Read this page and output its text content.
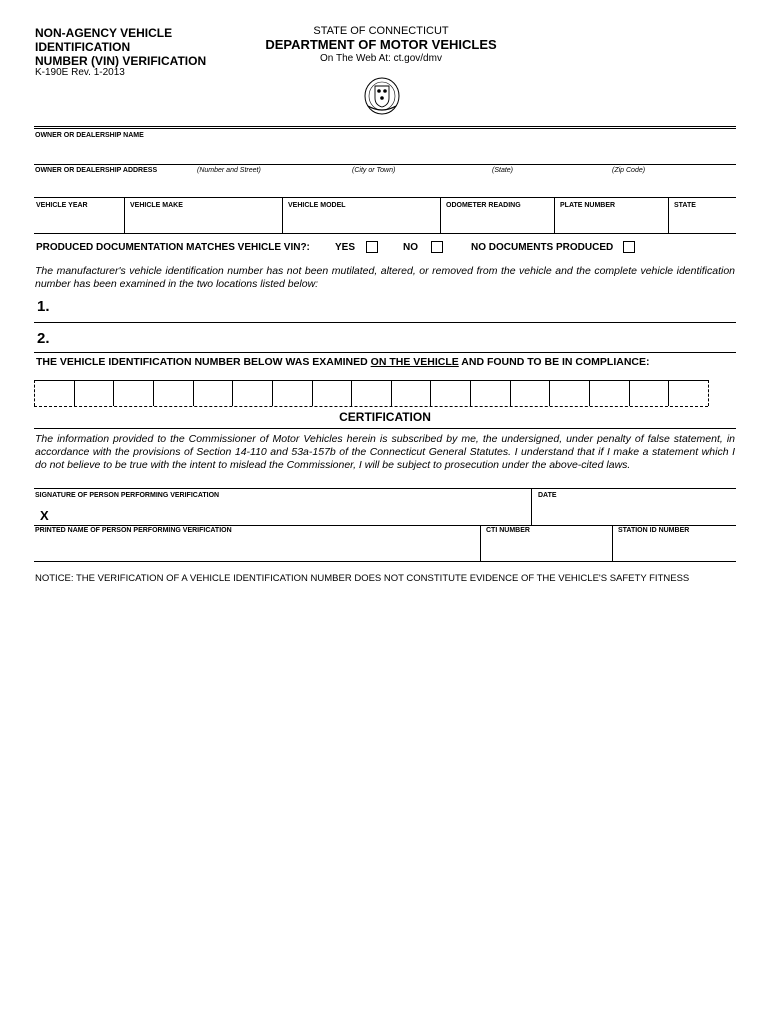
NON-AGENCY VEHICLE
IDENTIFICATION
NUMBER (VIN) VERIFICATION
K-190E Rev. 1-2013
STATE OF CONNECTICUT
DEPARTMENT OF MOTOR VEHICLES
On The Web At: ct.gov/dmv
OWNER OR DEALERSHIP NAME
OWNER OR DEALERSHIP ADDRESS	(Number and Street)	(City or Town)	(State)	(Zip Code)
VEHICLE YEAR	VEHICLE MAKE	VEHICLE MODEL	ODOMETER READING	PLATE NUMBER	STATE
PRODUCED DOCUMENTATION MATCHES VEHICLE VIN?:	YES	NO	NO DOCUMENTS PRODUCED
The manufacturer's vehicle identification number has not been mutilated, altered, or removed from the vehicle and the complete vehicle identification number has been examined in the two locations listed below:
1.
2.
THE VEHICLE IDENTIFICATION NUMBER BELOW WAS EXAMINED ON THE VEHICLE AND FOUND TO BE IN COMPLIANCE:
CERTIFICATION
The information provided to the Commissioner of Motor Vehicles herein is subscribed by me, the undersigned, under penalty of false statement, in accordance with the provisions of Section 14-110 and 53a-157b of the Connecticut General Statutes. I understand that if I make a statement which I do not believe to be true with the intent to mislead the Commissioner, I will be subject to prosecution under the above-cited laws.
SIGNATURE OF PERSON PERFORMING VERIFICATION	DATE
X
PRINTED NAME OF PERSON PERFORMING VERIFICATION	CTI NUMBER	STATION ID NUMBER
NOTICE: THE VERIFICATION OF A VEHICLE IDENTIFICATION NUMBER DOES NOT CONSTITUTE EVIDENCE OF THE VEHICLE'S SAFETY FITNESS
